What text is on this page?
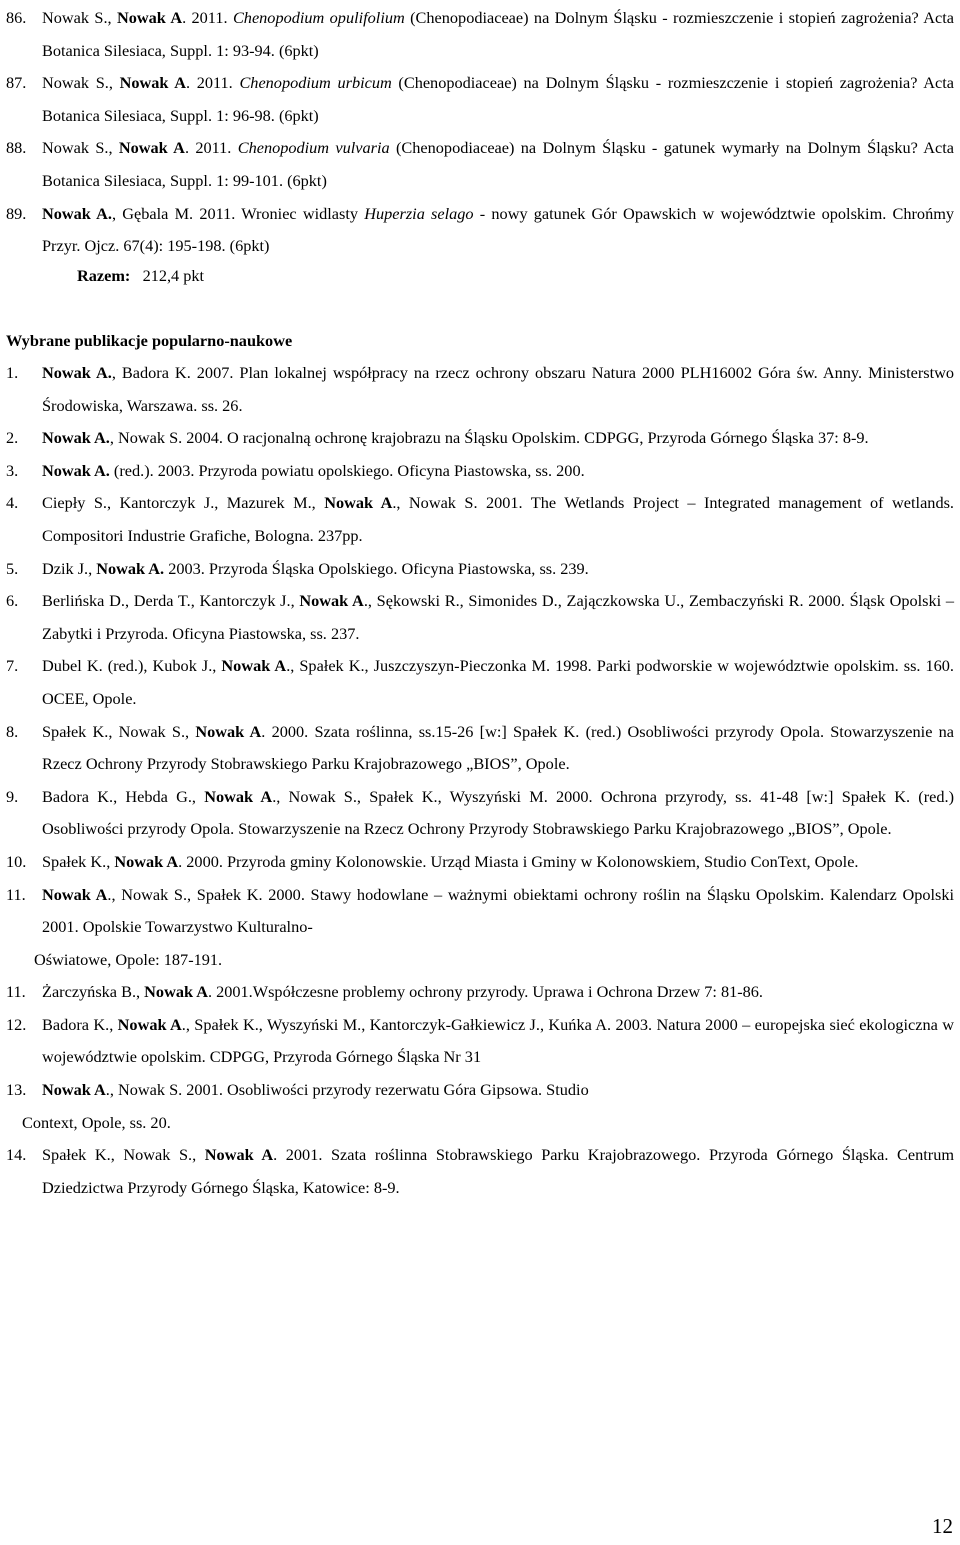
86. Nowak S., Nowak A. 2011. Chenopodium opulifolium (Chenopodiaceae) na Dolnym Śląsku - rozmieszczenie i stopień zagrożenia? Acta Botanica Silesiaca, Suppl. 1: 93-94. (6pkt)
87. Nowak S., Nowak A. 2011. Chenopodium urbicum (Chenopodiaceae) na Dolnym Śląsku - rozmieszczenie i stopień zagrożenia? Acta Botanica Silesiaca, Suppl. 1: 96-98. (6pkt)
88. Nowak S., Nowak A. 2011. Chenopodium vulvaria (Chenopodiaceae) na Dolnym Śląsku - gatunek wymarły na Dolnym Śląsku? Acta Botanica Silesiaca, Suppl. 1: 99-101. (6pkt)
89. Nowak A., Gębala M. 2011. Wroniec widlasty Huperzia selago - nowy gatunek Gór Opawskich w województwie opolskim. Chrońmy Przyr. Ojcz. 67(4): 195-198. (6pkt)
Razem: 212,4 pkt
Wybrane publikacje popularno-naukowe
1. Nowak A., Badora K. 2007. Plan lokalnej współpracy na rzecz ochrony obszaru Natura 2000 PLH16002 Góra św. Anny. Ministerstwo Środowiska, Warszawa. ss. 26.
2. Nowak A., Nowak S. 2004. O racjonalną ochronę krajobrazu na Śląsku Opolskim. CDPGG, Przyroda Górnego Śląska 37: 8-9.
3. Nowak A. (red.). 2003. Przyroda powiatu opolskiego. Oficyna Piastowska, ss. 200.
4. Ciepły S., Kantorczyk J., Mazurek M., Nowak A., Nowak S. 2001. The Wetlands Project – Integrated management of wetlands. Compositori Industrie Grafiche, Bologna. 237pp.
5. Dzik J., Nowak A. 2003. Przyroda Śląska Opolskiego. Oficyna Piastowska, ss. 239.
6. Berlińska D., Derda T., Kantorczyk J., Nowak A., Sękowski R., Simonides D., Zajączkowska U., Zembaczyński R. 2000. Śląsk Opolski – Zabytki i Przyroda. Oficyna Piastowska, ss. 237.
7. Dubel K. (red.), Kubok J., Nowak A., Spałek K., Juszczyszyn-Pieczonka M. 1998. Parki podworskie w województwie opolskim. ss. 160. OCEE, Opole.
8. Spałek K., Nowak S., Nowak A. 2000. Szata roślinna, ss.15-26 [w:] Spałek K. (red.) Osobliwości przyrody Opola. Stowarzyszenie na Rzecz Ochrony Przyrody Stobrawskiego Parku Krajobrazowego „BIOS”, Opole.
9. Badora K., Hebda G., Nowak A., Nowak S., Spałek K., Wyszyński M. 2000. Ochrona przyrody, ss. 41-48 [w:] Spałek K. (red.) Osobliwości przyrody Opola. Stowarzyszenie na Rzecz Ochrony Przyrody Stobrawskiego Parku Krajobrazowego „BIOS”, Opole.
10. Spałek K., Nowak A. 2000. Przyroda gminy Kolonowskie. Urząd Miasta i Gminy w Kolonowskiem, Studio ConText, Opole.
11. Nowak A., Nowak S., Spałek K. 2000. Stawy hodowlane – ważnymi obiektami ochrony roślin na Śląsku Opolskim. Kalendarz Opolski 2001. Opolskie Towarzystwo Kulturalno-
Oświatowe, Opole: 187-191.
11. Żarczyńska B., Nowak A. 2001.Współczesne problemy ochrony przyrody. Uprawa i Ochrona Drzew 7: 81-86.
12. Badora K., Nowak A., Spałek K., Wyszyński M., Kantorczyk-Gałkiewicz J., Kuńka A. 2003. Natura 2000 – europejska sieć ekologiczna w województwie opolskim. CDPGG, Przyroda Górnego Śląska Nr 31
13. Nowak A., Nowak S. 2001. Osobliwości przyrody rezerwatu Góra Gipsowa. Studio
Context, Opole, ss. 20.
14. Spałek K., Nowak S., Nowak A. 2001. Szata roślinna Stobrawskiego Parku Krajobrazowego. Przyroda Górnego Śląska. Centrum Dziedzictwa Przyrody Górnego Śląska, Katowice: 8-9.
12
